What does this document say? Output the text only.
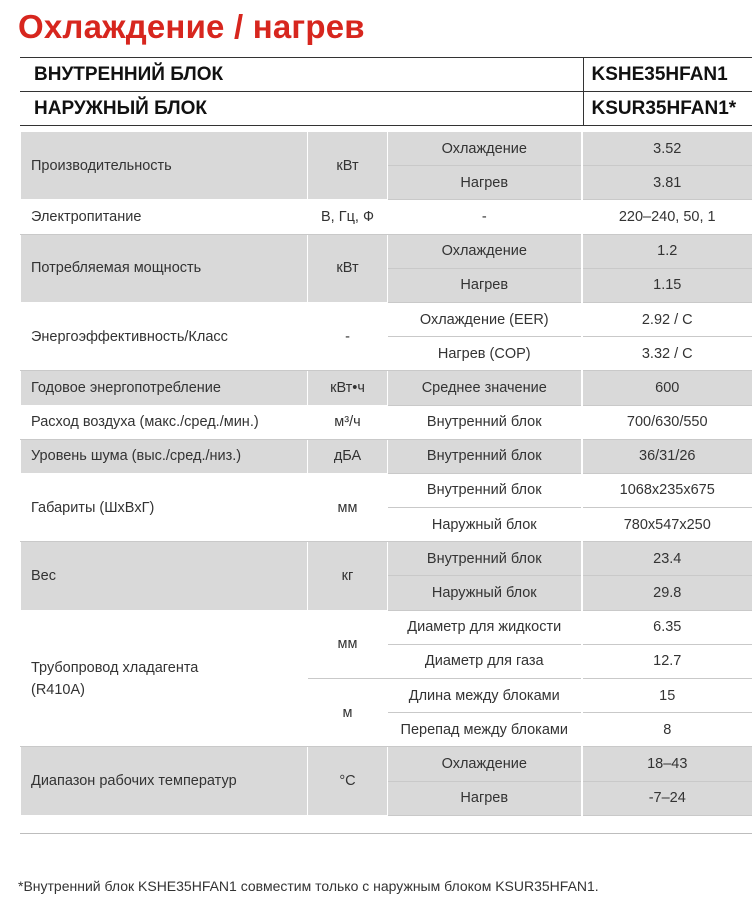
Охлаждение / нагрев
ВНУТРЕННИЙ БЛОК	KSHE35HFAN1
НАРУЖНЫЙ БЛОК	KSUR35HFAN1*
Производительность	кВт	Охлаждение	3.52
		Нагрев	3.81
Электропитание	В, Гц, Ф	-	220–240, 50, 1
Потребляемая мощность	кВт	Охлаждение	1.2
		Нагрев	1.15
Энергоэффективность/Класс	-	Охлаждение (EER)	2.92 / C
		Нагрев (COP)	3.32 / C
Годовое энергопотребление	кВт•ч	Среднее значение	600
Расход воздуха (макс./сред./мин.)	м³/ч	Внутренний блок	700/630/550
Уровень шума (выс./сред./низ.)	дБА	Внутренний блок	36/31/26
Габариты (ШxВxГ)	мм	Внутренний блок	1068x235x675
		Наружный блок	780x547x250
Вес	кг	Внутренний блок	23.4
		Наружный блок	29.8

Трубопровод хладагента
(R410A)	мм	Диаметр для жидкости	6.35
		Диаметр для газа	12.7
	м	Длина между блоками	15
		Перепад между блоками	8
Диапазон рабочих температур	°C	Охлаждение	18–43
		Нагрев	-7–24
*Внутренний блок KSHE35HFAN1 совместим только с наружным блоком KSUR35HFAN1.
